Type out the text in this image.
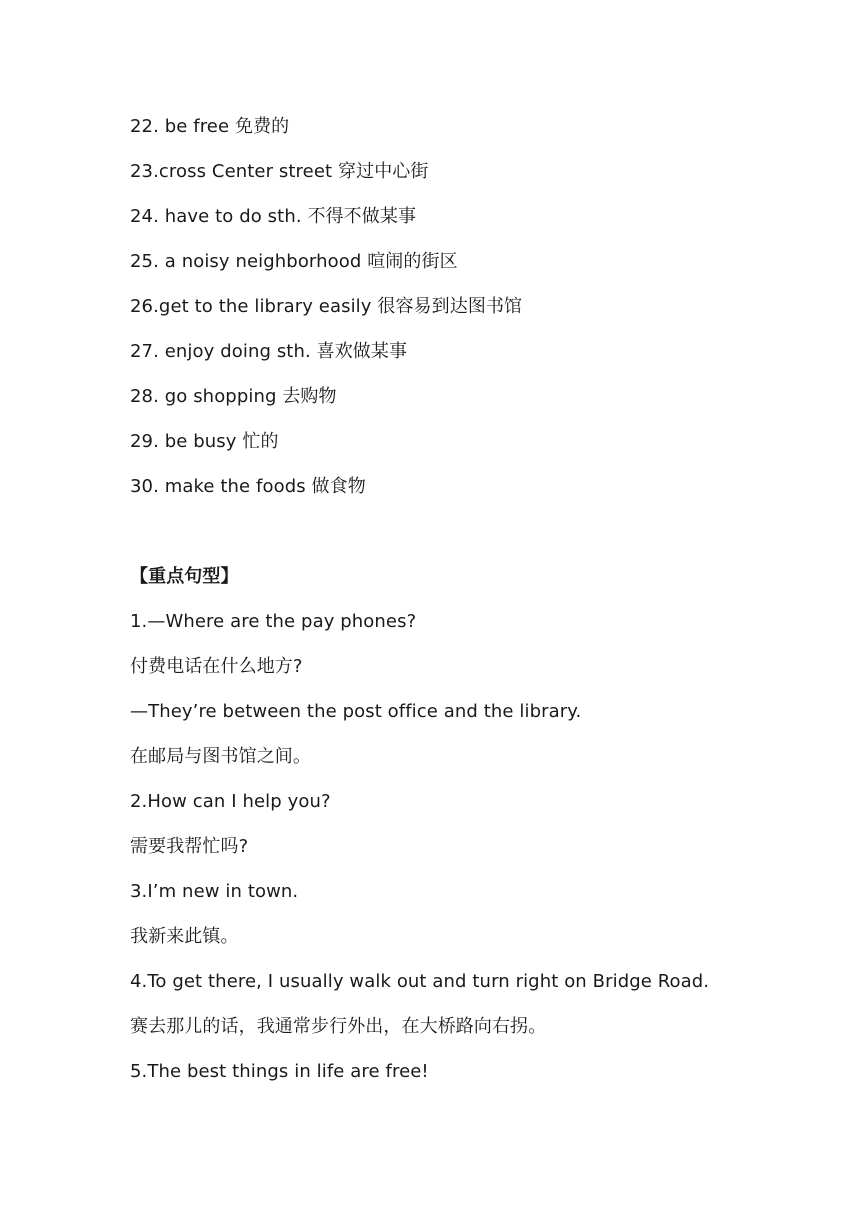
22. be free 免费的
23.cross Center street 穿过中心街
24. have to do sth. 不得不做某事
25. a noisy neighborhood 喧闹的街区
26.get to the library easily 很容易到达图书馆
27. enjoy doing sth. 喜欢做某事
28. go shopping 去购物
29. be busy 忙的
30. make the foods 做食物
【重点句型】
1.—Where are the pay phones?
付费电话在什么地方?
—They’re between the post office and the library.
在邮局与图书馆之间。
2.How can I help you?
需要我帮忙吗?
3.I’m new in town.
我新来此镇。
4.To get there, I usually walk out and turn right on Bridge Road.
赛去那儿的话，我通常步行外出，在大桥路向右拐。
5.The best things in life are free!
